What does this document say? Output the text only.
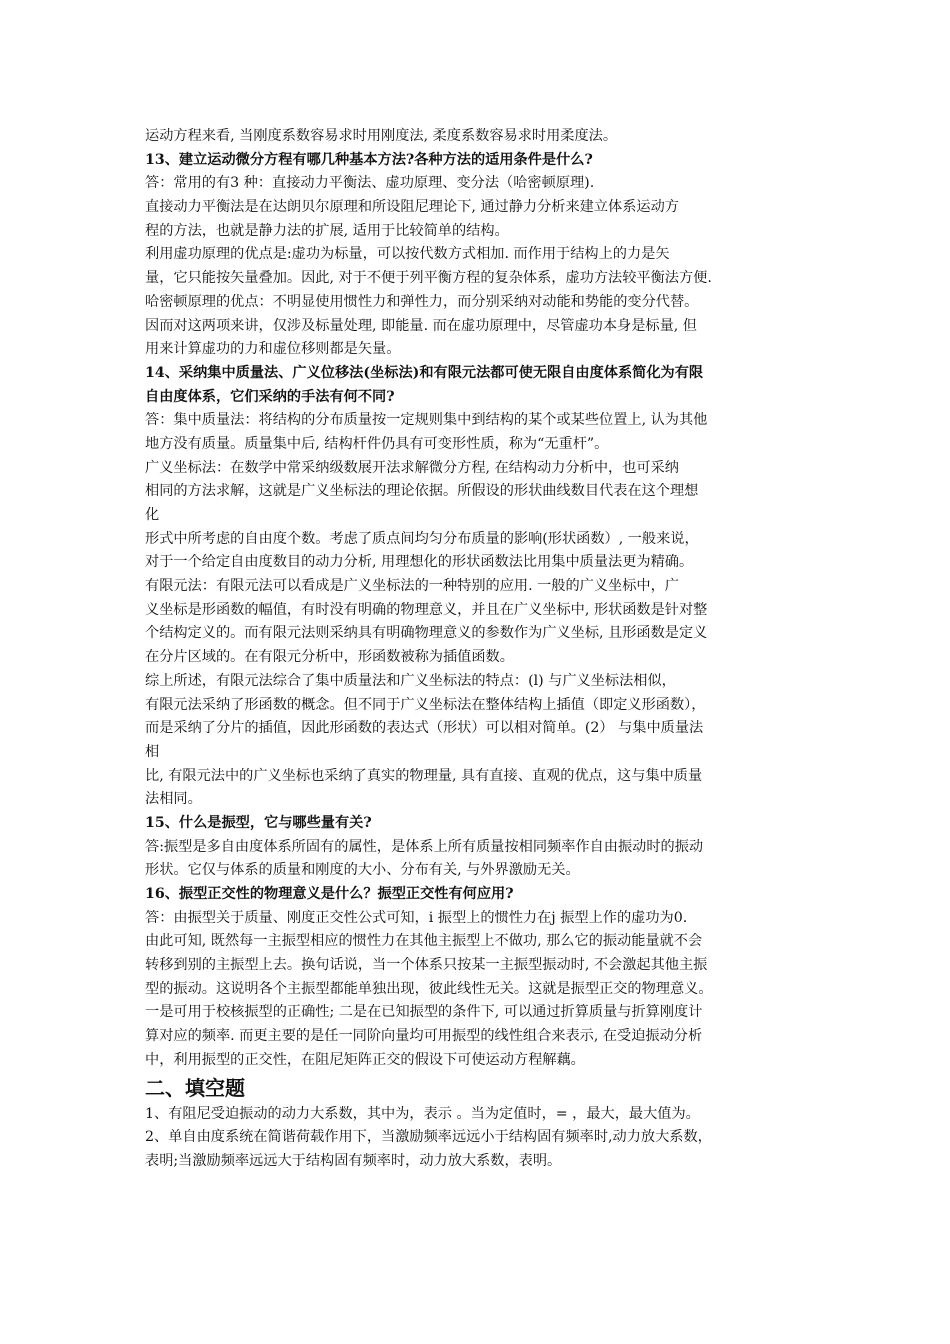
运动方程来看, 当刚度系数容易求时用刚度法, 柔度系数容易求时用柔度法。
13、建立运动微分方程有哪几种基本方法?各种方法的适用条件是什么?
答：常用的有3 种：直接动力平衡法、虚功原理、变分法（哈密顿原理).
直接动力平衡法是在达朗贝尔原理和所设阻尼理论下, 通过静力分析来建立体系运动方
程的方法，也就是静力法的扩展, 适用于比较简单的结构。
利用虚功原理的优点是:虚功为标量，可以按代数方式相加. 而作用于结构上的力是矢
量，它只能按矢量叠加。因此, 对于不便于列平衡方程的复杂体系，虚功方法较平衡法方便.
哈密顿原理的优点：不明显使用惯性力和弹性力，而分别采纳对动能和势能的变分代替。
因而对这两项来讲，仅涉及标量处理, 即能量. 而在虚功原理中，尽管虚功本身是标量, 但
用来计算虚功的力和虚位移则都是矢量。
14、采纳集中质量法、广义位移法(坐标法)和有限元法都可使无限自由度体系简化为有限
自由度体系，它们采纳的手法有何不同?
答：集中质量法：将结构的分布质量按一定规则集中到结构的某个或某些位置上, 认为其他
地方没有质量。质量集中后, 结构杆件仍具有可变形性质，称为“无重杆”。
广义坐标法：在数学中常采纳级数展开法求解微分方程, 在结构动力分析中，也可采纳
相同的方法求解，这就是广义坐标法的理论依据。所假设的形状曲线数目代表在这个理想
化
形式中所考虑的自由度个数。考虑了质点间均匀分布质量的影响(形状函数）, 一般来说，
对于一个给定自由度数目的动力分析, 用理想化的形状函数法比用集中质量法更为精确。
有限元法：有限元法可以看成是广义坐标法的一种特别的应用. 一般的广义坐标中，广
义坐标是形函数的幅值，有时没有明确的物理意义，并且在广义坐标中, 形状函数是针对整
个结构定义的。而有限元法则采纳具有明确物理意义的参数作为广义坐标, 且形函数是定义
在分片区域的。在有限元分析中，形函数被称为插值函数。
综上所述，有限元法综合了集中质量法和广义坐标法的特点：(l) 与广义坐标法相似，
有限元法采纳了形函数的概念。但不同于广义坐标法在整体结构上插值（即定义形函数），
而是采纳了分片的插值，因此形函数的表达式（形状）可以相对简单。(2） 与集中质量法
相
比, 有限元法中的广义坐标也采纳了真实的物理量, 具有直接、直观的优点，这与集中质量
法相同。
15、什么是振型，它与哪些量有关?
答:振型是多自由度体系所固有的属性，是体系上所有质量按相同频率作自由振动时的振动
形状。它仅与体系的质量和刚度的大小、分布有关, 与外界激励无关。
16、振型正交性的物理意义是什么？振型正交性有何应用?
答：由振型关于质量、刚度正交性公式可知，i 振型上的惯性力在j 振型上作的虚功为0.
由此可知, 既然每一主振型相应的惯性力在其他主振型上不做功, 那么它的振动能量就不会
转移到别的主振型上去。换句话说，当一个体系只按某一主振型振动时, 不会激起其他主振
型的振动。这说明各个主振型都能单独出现，彼此线性无关。这就是振型正交的物理意义。
一是可用于校核振型的正确性; 二是在已知振型的条件下, 可以通过折算质量与折算刚度计
算对应的频率. 而更主要的是任一同阶向量均可用振型的线性组合来表示, 在受迫振动分析
中，利用振型的正交性，在阻尼矩阵正交的假设下可使运动方程解藕。
二、填空题
1、有阻尼受迫振动的动力大系数，其中为，表示 。当为定值时，= ，最大，最大值为。
2、单自由度系统在简谐荷载作用下，当激励频率远远小于结构固有频率时,动力放大系数，
表明;当激励频率远远大于结构固有频率时，动力放大系数，表明。
